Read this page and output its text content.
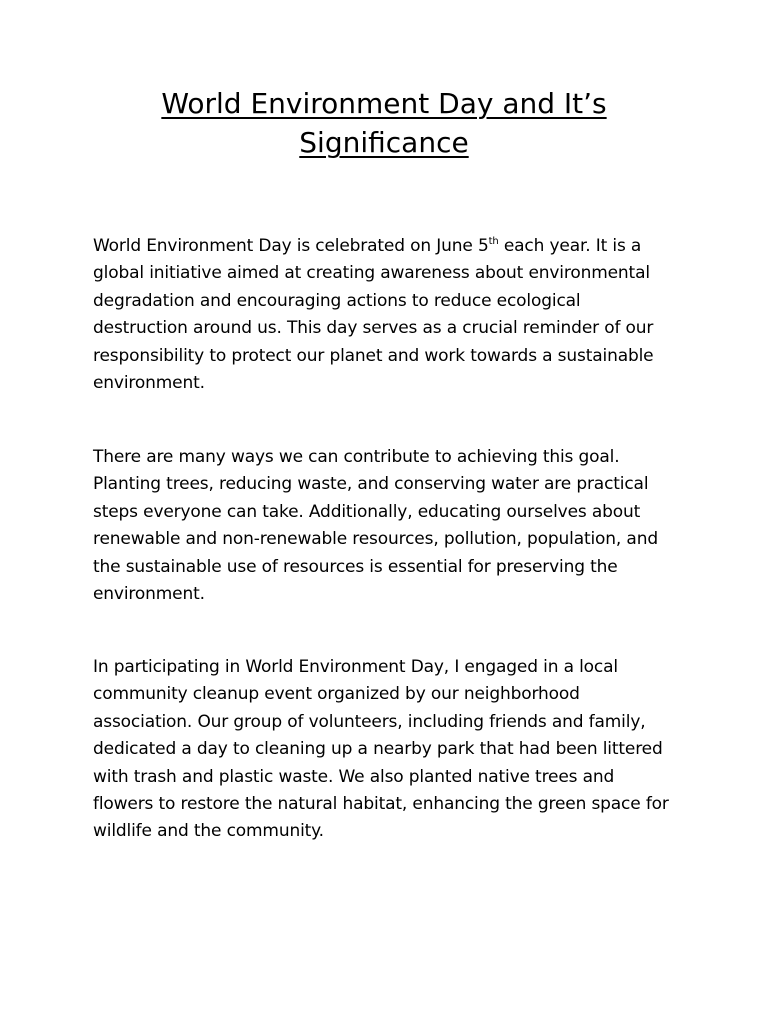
World Environment Day and It’s Significance
World Environment Day is celebrated on June 5th each year. It is a
global initiative aimed at creating awareness about environmental
degradation and encouraging actions to reduce ecological
destruction around us. This day serves as a crucial reminder of our
responsibility to protect our planet and work towards a sustainable
environment.
There are many ways we can contribute to achieving this goal.
Planting trees, reducing waste, and conserving water are practical
steps everyone can take. Additionally, educating ourselves about
renewable and non-renewable resources, pollution, population, and
the sustainable use of resources is essential for preserving the
environment.
In participating in World Environment Day, I engaged in a local
community cleanup event organized by our neighborhood
association. Our group of volunteers, including friends and family,
dedicated a day to cleaning up a nearby park that had been littered
with trash and plastic waste. We also planted native trees and
flowers to restore the natural habitat, enhancing the green space for
wildlife and the community.
